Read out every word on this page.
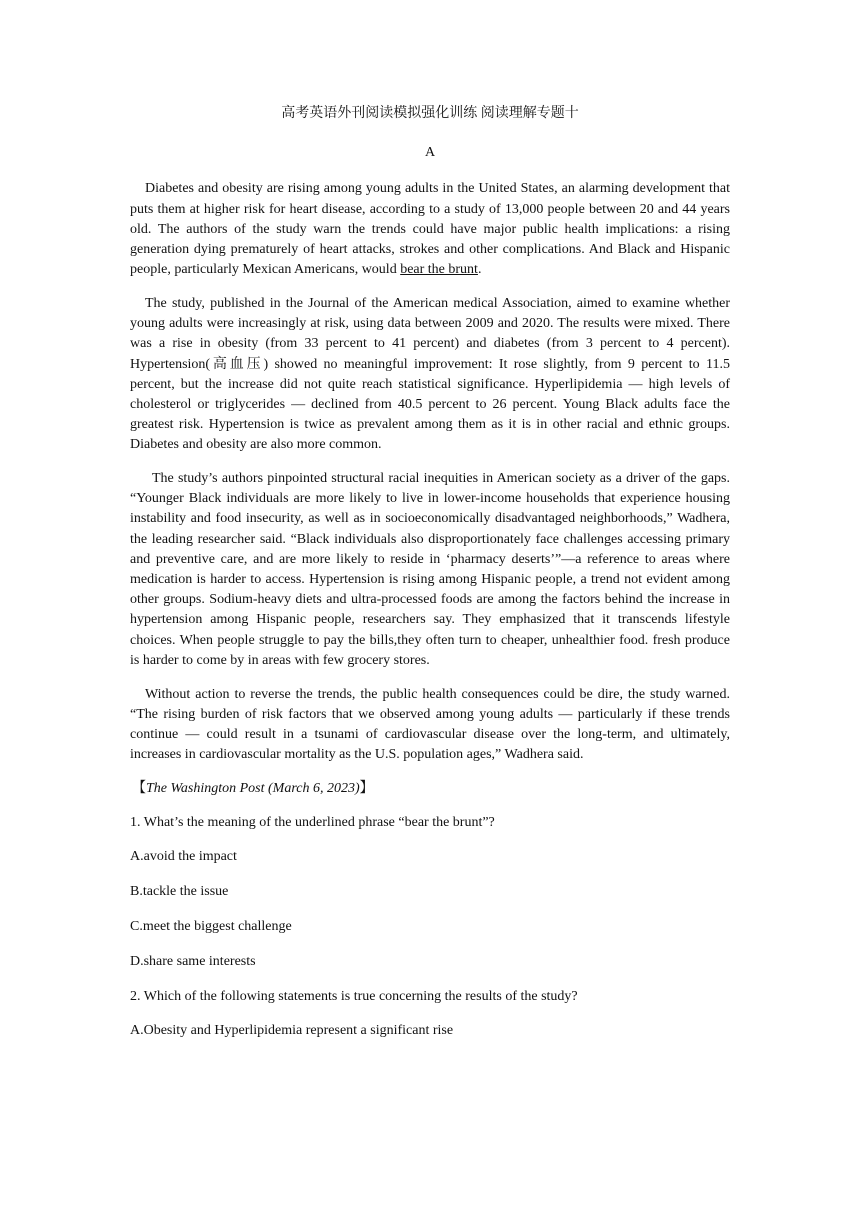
高考英语外刊阅读模拟强化训练 阅读理解专题十
A

Diabetes and obesity are rising among young adults in the United States, an alarming development that puts them at higher risk for heart disease, according to a study of 13,000 people between 20 and 44 years old. The authors of the study warn the trends could have major public health implications: a rising generation dying prematurely of heart attacks, strokes and other complications. And Black and Hispanic people, particularly Mexican Americans, would bear the brunt.

The study, published in the Journal of the American medical Association, aimed to examine whether young adults were increasingly at risk, using data between 2009 and 2020. The results were mixed. There was a rise in obesity (from 33 percent to 41 percent) and diabetes (from 3 percent to 4 percent). Hypertension(高血压) showed no meaningful improvement: It rose slightly, from 9 percent to 11.5 percent, but the increase did not quite reach statistical significance. Hyperlipidemia — high levels of cholesterol or triglycerides — declined from 40.5 percent to 26 percent. Young Black adults face the greatest risk. Hypertension is twice as prevalent among them as it is in other racial and ethnic groups. Diabetes and obesity are also more common.

The study’s authors pinpointed structural racial inequities in American society as a driver of the gaps. “Younger Black individuals are more likely to live in lower-income households that experience housing instability and food insecurity, as well as in socioeconomically disadvantaged neighborhoods,” Wadhera, the leading researcher said. “Black individuals also disproportionately face challenges accessing primary and preventive care, and are more likely to reside in ‘pharmacy deserts’”—a reference to areas where medication is harder to access. Hypertension is rising among Hispanic people, a trend not evident among other groups. Sodium-heavy diets and ultra-processed foods are among the factors behind the increase in hypertension among Hispanic people, researchers say. They emphasized that it transcends lifestyle choices. When people struggle to pay the bills,they often turn to cheaper, unhealthier food. fresh produce is harder to come by in areas with few grocery stores.

Without action to reverse the trends, the public health consequences could be dire, the study warned. “The rising burden of risk factors that we observed among young adults — particularly if these trends continue — could result in a tsunami of cardiovascular disease over the long-term, and ultimately, increases in cardiovascular mortality as the U.S. population ages,” Wadhera said.

【The Washington Post (March 6, 2023)】
1. What’s the meaning of the underlined phrase “bear the brunt”?
A.avoid the impact
B.tackle the issue
C.meet the biggest challenge
D.share same interests
2. Which of the following statements is true concerning the results of the study?
A.Obesity and Hyperlipidemia represent a significant rise
